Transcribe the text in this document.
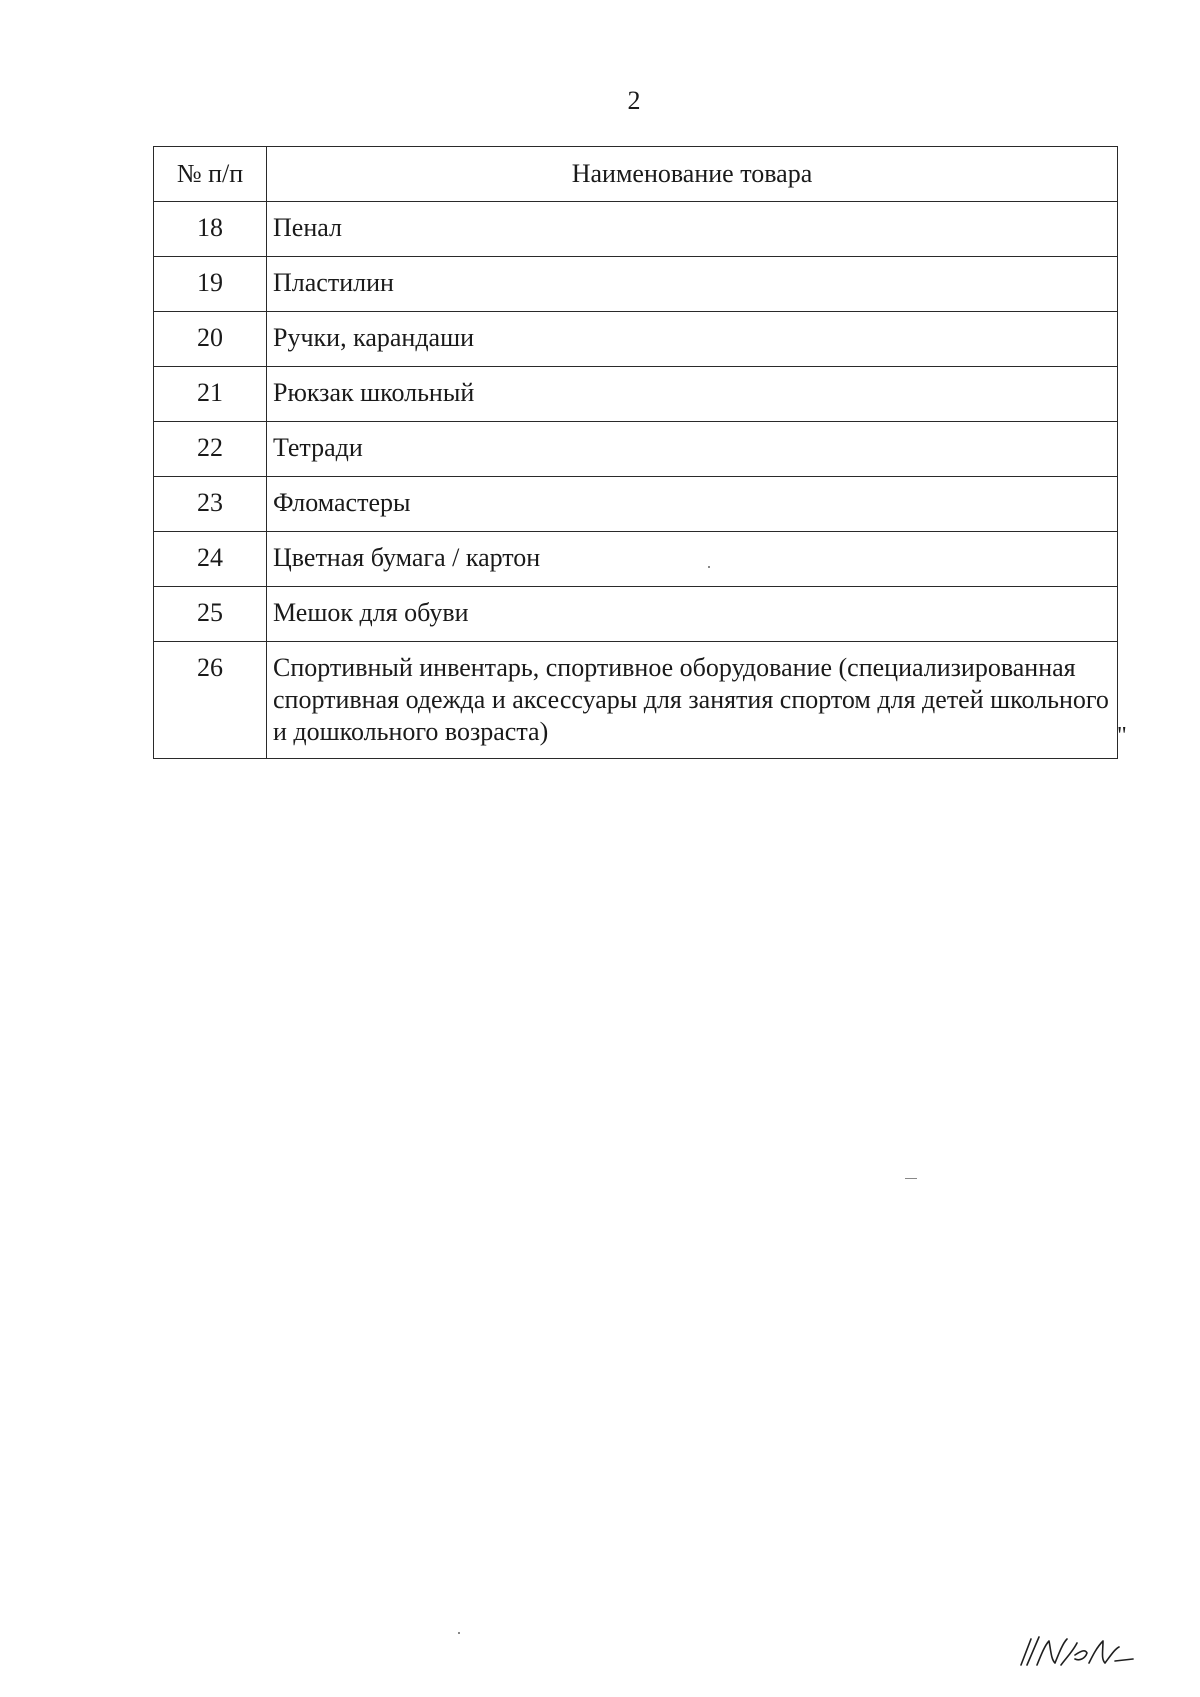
2
№ п/п	Наименование товара
18	Пенал
19	Пластилин
20	Ручки, карандаши
21	Рюкзак школьный
22	Тетради
23	Фломастеры
24	Цветная бумага / картон
25	Мешок для обуви
26	Спортивный инвентарь, спортивное оборудование (специализированная спортивная одежда и аксессуары для занятия спортом для детей школьного и дошкольного возраста)	"
